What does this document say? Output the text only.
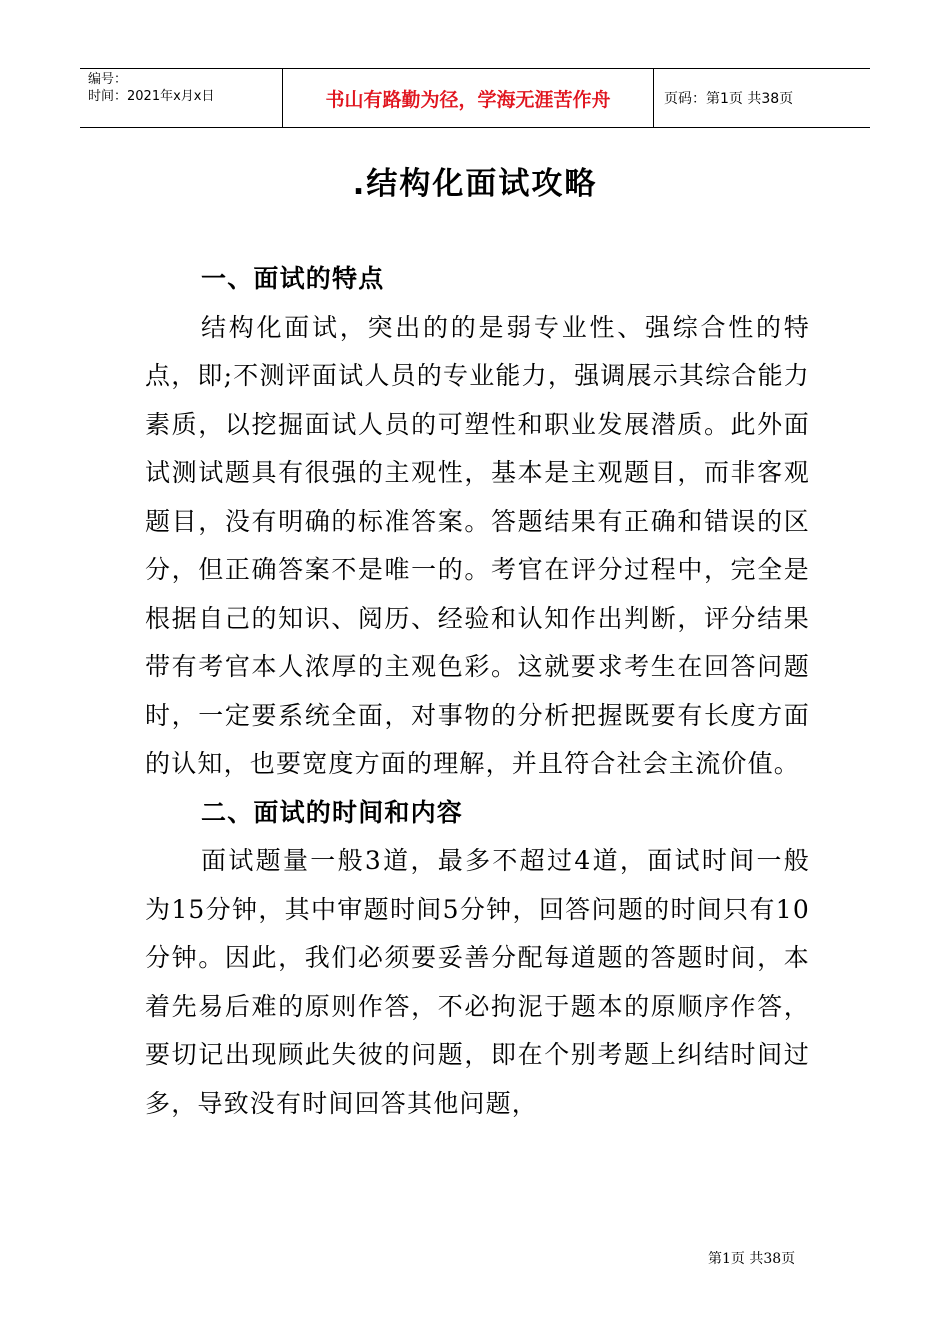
编号：
时间：2021年x月x日	书山有路勤为径，学海无涯苦作舟	页码：第1页 共38页
.结构化面试攻略
一、面试的特点

结构化面试，突出的的是弱专业性、强综合性的特点，即;不测评面试人员的专业能力，强调展示其综合能力素质，以挖掘面试人员的可塑性和职业发展潜质。此外面试测试题具有很强的主观性，基本是主观题目，而非客观题目，没有明确的标准答案。答题结果有正确和错误的区分，但正确答案不是唯一的。考官在评分过程中，完全是根据自己的知识、阅历、经验和认知作出判断，评分结果带有考官本人浓厚的主观色彩。这就要求考生在回答问题时，一定要系统全面，对事物的分析把握既要有长度方面的认知，也要宽度方面的理解，并且符合社会主流价值。

二、面试的时间和内容

面试题量一般3道，最多不超过4道，面试时间一般为15分钟，其中审题时间5分钟，回答问题的时间只有10分钟。因此，我们必须要妥善分配每道题的答题时间，本着先易后难的原则作答，不必拘泥于题本的原顺序作答，要切记出现顾此失彼的问题，即在个别考题上纠结时间过多，导致没有时间回答其他问题，

第1页 共38页
